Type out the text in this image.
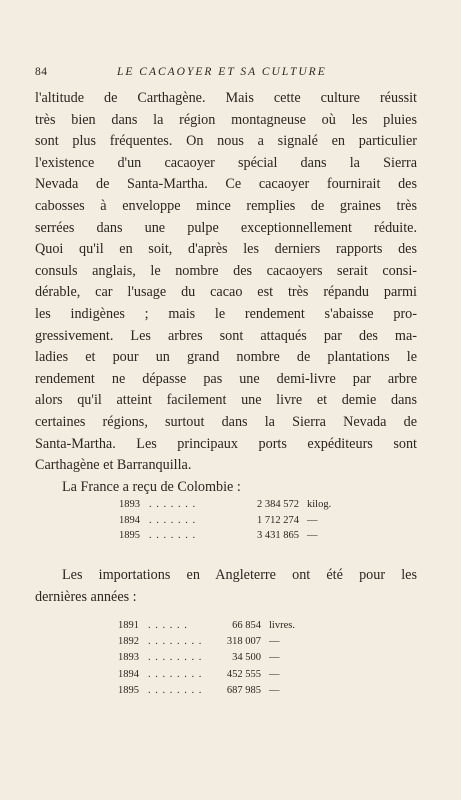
84	LE CACAOYER ET SA CULTURE
l'altitude de Carthagène. Mais cette culture réussit
très bien dans la région montagneuse où les pluies
sont plus fréquentes. On nous a signalé en particulier
l'existence d'un cacaoyer spécial dans la Sierra
Nevada de Santa-Martha. Ce cacaoyer fournirait des
cabosses à enveloppe mince remplies de graines très
serrées dans une pulpe exceptionnellement réduite.
Quoi qu'il en soit, d'après les derniers rapports des
consuls anglais, le nombre des cacaoyers serait consi-
dérable, car l'usage du cacao est très répandu parmi
les indigènes ; mais le rendement s'abaisse pro-
gressivement. Les arbres sont attaqués par des ma-
ladies et pour un grand nombre de plantations le
rendement ne dépasse pas une demi-livre par arbre
alors qu'il atteint facilement une livre et demie dans
certaines régions, surtout dans la Sierra Nevada de
Santa-Martha. Les principaux ports expéditeurs sont
Carthagène et Barranquilla.
La France a reçu de Colombie :
1893 . . . . . . .	2 384 572 kilog.
1894 . . . . . . .	1 712 274 —
1895 . . . . . . .	3 431 865 —
Les importations en Angleterre ont été pour les
dernières années :
1891 . . . . . .	66 854 livres.
1892 . . . . . . . .	318 007 —
1893 . . . . . . . .	34 500 —
1894 . . . . . . . .	452 555 —
1895 . . . . . . . .	687 985 —
